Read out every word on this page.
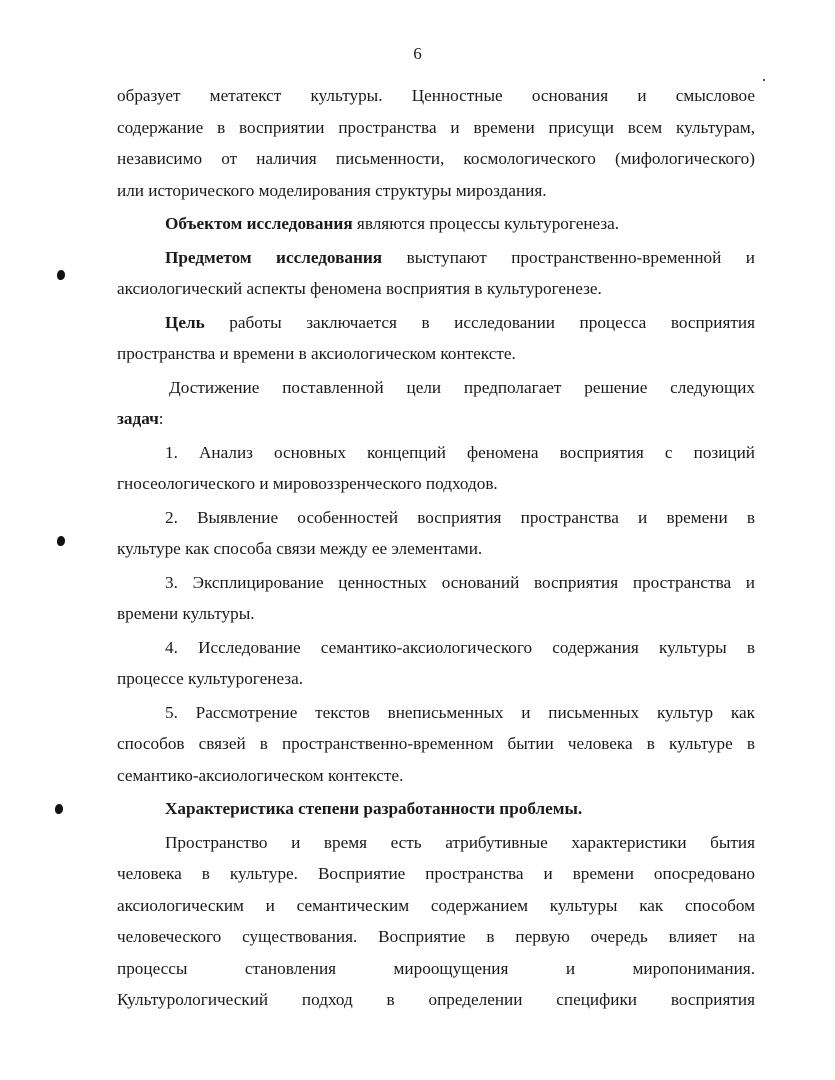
6
образует метатекст культуры. Ценностные основания и смысловое
содержание в восприятии пространства и времени присущи всем культурам,
независимо от наличия письменности, космологического (мифологического)
или исторического моделирования структуры мироздания.
Объектом исследования являются процессы культурогенеза.
Предметом исследования выступают пространственно-временной и
аксиологический аспекты феномена восприятия в культурогенезе.
Цель работы заключается в исследовании процесса восприятия
пространства и времени в аксиологическом контексте.
Достижение поставленной цели предполагает решение следующих
задач:
1. Анализ основных концепций феномена восприятия с позиций
гносеологического и мировоззренческого подходов.
2. Выявление особенностей восприятия пространства и времени в
культуре как способа связи между ее элементами.
3. Эксплицирование ценностных оснований восприятия пространства и
времени культуры.
4. Исследование семантико-аксиологического содержания культуры в
процессе культурогенеза.
5. Рассмотрение текстов внеписьменных и письменных культур как
способов связей в пространственно-временном бытии человека в культуре в
семантико-аксиологическом контексте.
Характеристика степени разработанности проблемы.
Пространство и время есть атрибутивные характеристики бытия
человека в культуре. Восприятие пространства и времени опосредовано
аксиологическим и семантическим содержанием культуры как способом
человеческого существования. Восприятие в первую очередь влияет на
процессы становления мироощущения и миропонимания.
Культурологический подход в определении специфики восприятия
